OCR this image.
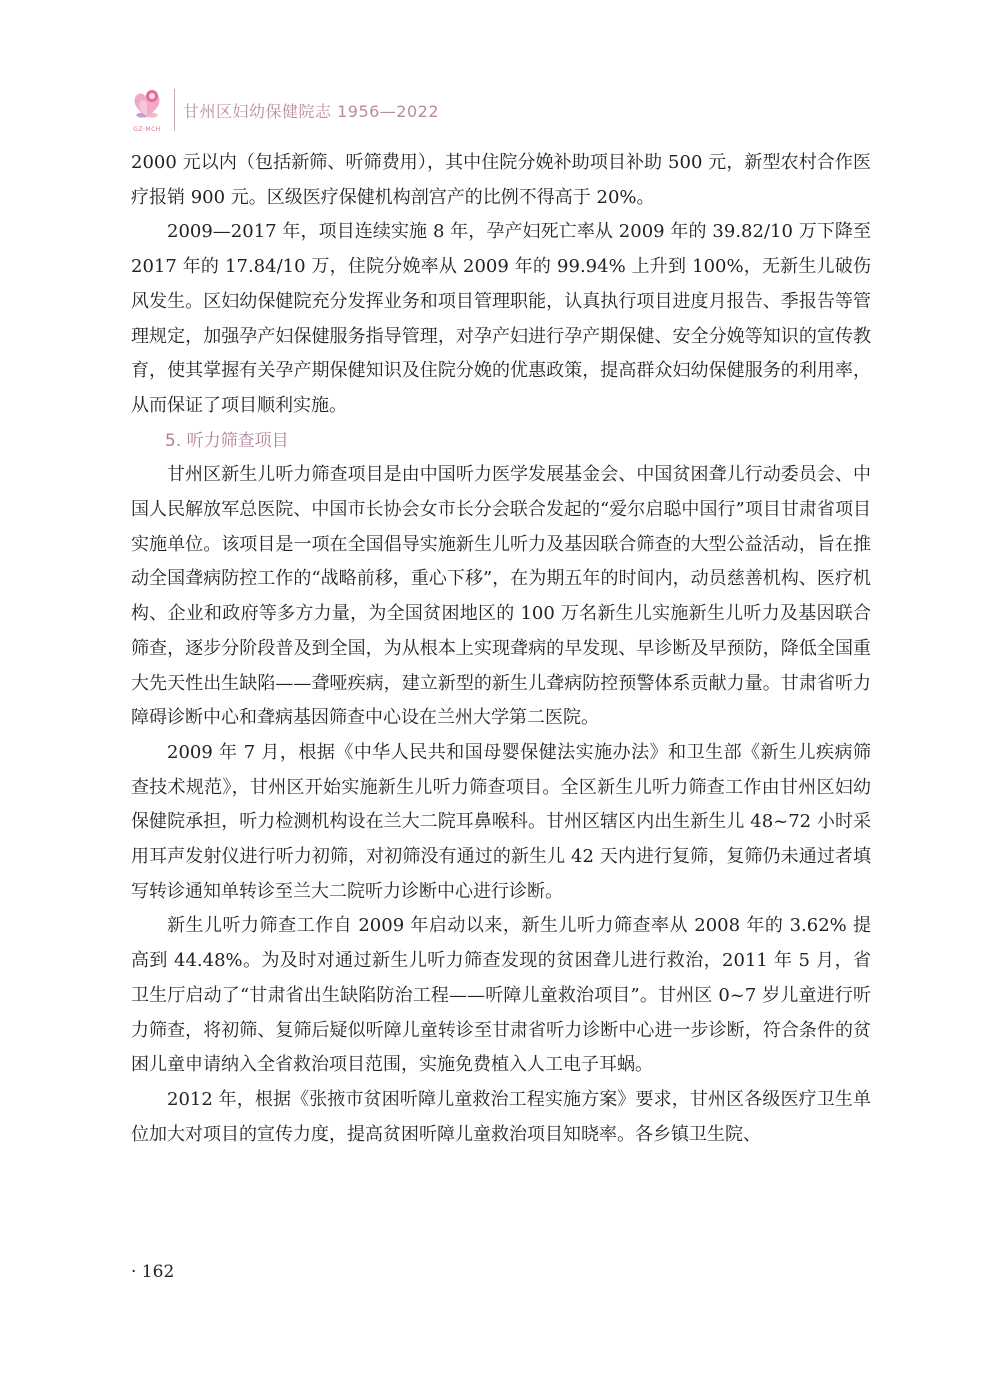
GZ·MCH
甘州区妇幼保健院志 1956—2022

2000 元以内（包括新筛、听筛费用），其中住院分娩补助项目补助 500 元，新型农村合作医疗报销 900 元。区级医疗保健机构剖宫产的比例不得高于 20%。

2009—2017 年，项目连续实施 8 年，孕产妇死亡率从 2009 年的 39.82/10 万下降至 2017 年的 17.84/10 万，住院分娩率从 2009 年的 99.94% 上升到 100%，无新生儿破伤风发生。区妇幼保健院充分发挥业务和项目管理职能，认真执行项目进度月报告、季报告等管理规定，加强孕产妇保健服务指导管理，对孕产妇进行孕产期保健、安全分娩等知识的宣传教育，使其掌握有关孕产期保健知识及住院分娩的优惠政策，提高群众妇幼保健服务的利用率，从而保证了项目顺利实施。

5. 听力筛查项目

甘州区新生儿听力筛查项目是由中国听力医学发展基金会、中国贫困聋儿行动委员会、中国人民解放军总医院、中国市长协会女市长分会联合发起的“爱尔启聪中国行”项目甘肃省项目实施单位。该项目是一项在全国倡导实施新生儿听力及基因联合筛查的大型公益活动，旨在推动全国聋病防控工作的“战略前移，重心下移”，在为期五年的时间内，动员慈善机构、医疗机构、企业和政府等多方力量，为全国贫困地区的 100 万名新生儿实施新生儿听力及基因联合筛查，逐步分阶段普及到全国，为从根本上实现聋病的早发现、早诊断及早预防，降低全国重大先天性出生缺陷——聋哑疾病，建立新型的新生儿聋病防控预警体系贡献力量。甘肃省听力障碍诊断中心和聋病基因筛查中心设在兰州大学第二医院。

2009 年 7 月，根据《中华人民共和国母婴保健法实施办法》和卫生部《新生儿疾病筛查技术规范》，甘州区开始实施新生儿听力筛查项目。全区新生儿听力筛查工作由甘州区妇幼保健院承担，听力检测机构设在兰大二院耳鼻喉科。甘州区辖区内出生新生儿 48~72 小时采用耳声发射仪进行听力初筛，对初筛没有通过的新生儿 42 天内进行复筛，复筛仍未通过者填写转诊通知单转诊至兰大二院听力诊断中心进行诊断。

新生儿听力筛查工作自 2009 年启动以来，新生儿听力筛查率从 2008 年的 3.62% 提高到 44.48%。为及时对通过新生儿听力筛查发现的贫困聋儿进行救治，2011 年 5 月，省卫生厅启动了“甘肃省出生缺陷防治工程——听障儿童救治项目”。甘州区 0~7 岁儿童进行听力筛查，将初筛、复筛后疑似听障儿童转诊至甘肃省听力诊断中心进一步诊断，符合条件的贫困儿童申请纳入全省救治项目范围，实施免费植入人工电子耳蜗。

2012 年，根据《张掖市贫困听障儿童救治工程实施方案》要求，甘州区各级医疗卫生单位加大对项目的宣传力度，提高贫困听障儿童救治项目知晓率。各乡镇卫生院、

· 162
